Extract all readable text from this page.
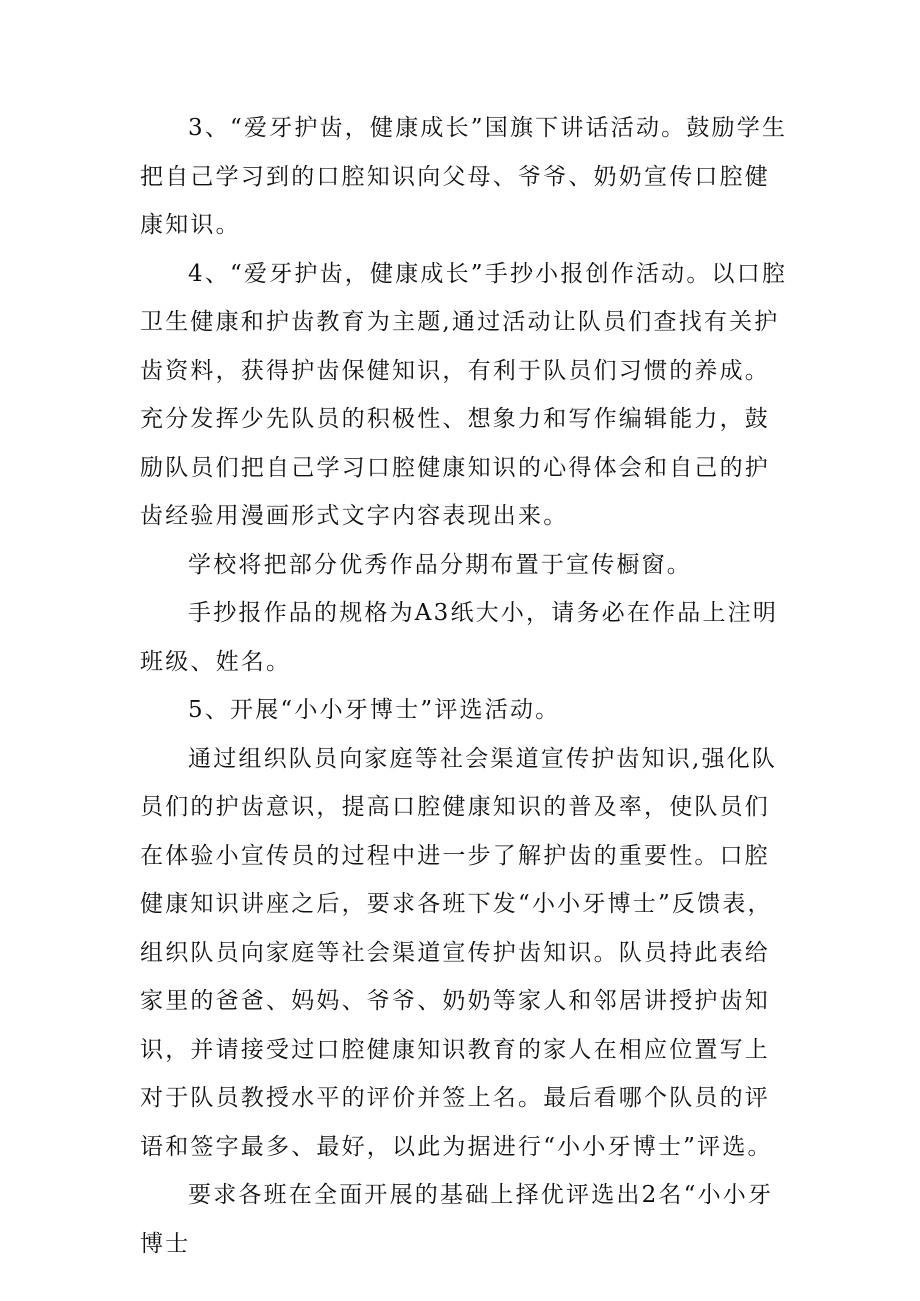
3、“爱牙护齿，健康成长”国旗下讲话活动。鼓励学生把自己学习到的口腔知识向父母、爷爷、奶奶宣传口腔健康知识。

4、“爱牙护齿，健康成长”手抄小报创作活动。以口腔卫生健康和护齿教育为主题,通过活动让队员们查找有关护齿资料，获得护齿保健知识，有利于队员们习惯的养成。充分发挥少先队员的积极性、想象力和写作编辑能力，鼓励队员们把自己学习口腔健康知识的心得体会和自己的护齿经验用漫画形式文字内容表现出来。

学校将把部分优秀作品分期布置于宣传橱窗。

手抄报作品的规格为A3纸大小，请务必在作品上注明班级、姓名。

5、开展“小小牙博士”评选活动。

通过组织队员向家庭等社会渠道宣传护齿知识,强化队员们的护齿意识，提高口腔健康知识的普及率，使队员们在体验小宣传员的过程中进一步了解护齿的重要性。口腔健康知识讲座之后，要求各班下发“小小牙博士”反馈表，组织队员向家庭等社会渠道宣传护齿知识。队员持此表给家里的爸爸、妈妈、爷爷、奶奶等家人和邻居讲授护齿知识，并请接受过口腔健康知识教育的家人在相应位置写上对于队员教授水平的评价并签上名。最后看哪个队员的评语和签字最多、最好，以此为据进行“小小牙博士”评选。

要求各班在全面开展的基础上择优评选出2名“小小牙博士
